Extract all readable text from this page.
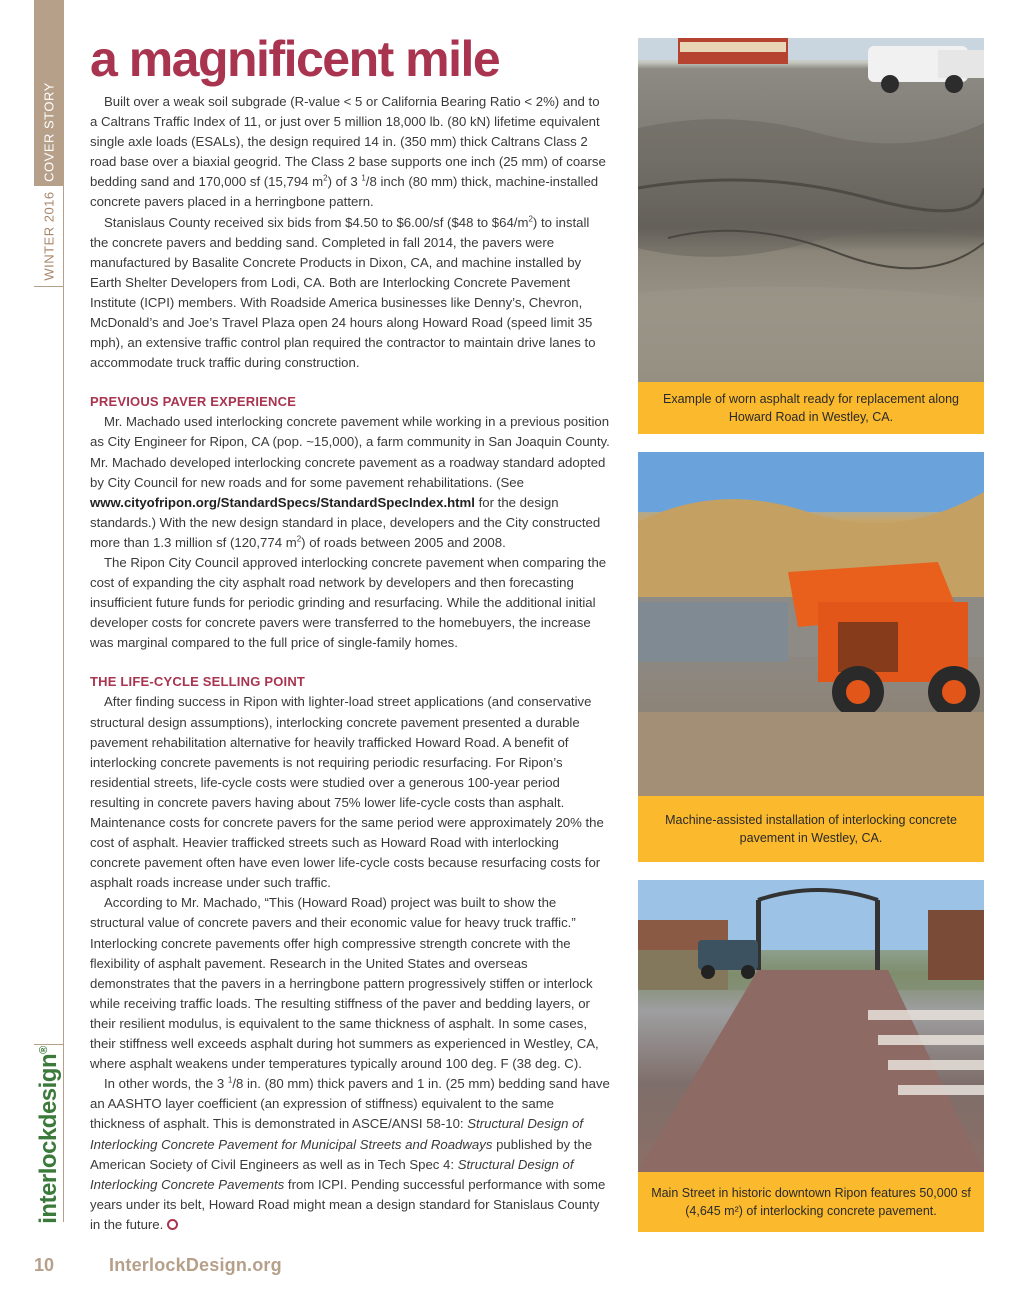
COVER STORY
WINTER 2016
interlockdesign®
a magnificent mile

Built over a weak soil subgrade (R-value < 5 or California Bearing Ratio < 2%) and to a Caltrans Traffic Index of 11, or just over 5 million 18,000 lb. (80 kN) lifetime equivalent single axle loads (ESALs), the design required 14 in. (350 mm) thick Caltrans Class 2 road base over a biaxial geogrid. The Class 2 base supports one inch (25 mm) of coarse bedding sand and 170,000 sf (15,794 $m^2$) of 3 $^1$/8 inch (80 mm) thick, machine-installed concrete pavers placed in a herringbone pattern.

Stanislaus County received six bids from $4.50 to $6.00/sf ($48 to $\$64/m^2$) to install the concrete pavers and bedding sand. Completed in fall 2014, the pavers were manufactured by Basalite Concrete Products in Dixon, CA, and machine installed by Earth Shelter Developers from Lodi, CA. Both are Interlocking Concrete Pavement Institute (ICPI) members. With Roadside America businesses like Denny’s, Chevron, McDonald’s and Joe’s Travel Plaza open 24 hours along Howard Road (speed limit 35 mph), an extensive traffic control plan required the contractor to maintain drive lanes to accommodate truck traffic during construction.

PREVIOUS PAVER EXPERIENCE

Mr. Machado used interlocking concrete pavement while working in a previous position as City Engineer for Ripon, CA (pop. ~15,000), a farm community in San Joaquin County. Mr. Machado developed interlocking concrete pavement as a roadway standard adopted by City Council for new roads and for some pavement rehabilitations. (See www.cityofripon.org/StandardSpecs/StandardSpecIndex.html for the design standards.) With the new design standard in place, developers and the City constructed more than 1.3 million sf (120,774 $m^2$) of roads between 2005 and 2008.

The Ripon City Council approved interlocking concrete pavement when comparing the cost of expanding the city asphalt road network by developers and then forecasting insufficient future funds for periodic grinding and resurfacing. While the additional initial developer costs for concrete pavers were transferred to the homebuyers, the increase was marginal compared to the full price of single-family homes.

THE LIFE-CYCLE SELLING POINT

After finding success in Ripon with lighter-load street applications (and conservative structural design assumptions), interlocking concrete pavement presented a durable pavement rehabilitation alternative for heavily trafficked Howard Road. A benefit of interlocking concrete pavements is not requiring periodic resurfacing. For Ripon’s residential streets, life-cycle costs were studied over a generous 100-year period resulting in concrete pavers having about 75% lower life-cycle costs than asphalt. Maintenance costs for concrete pavers for the same period were approximately 20% the cost of asphalt. Heavier trafficked streets such as Howard Road with interlocking concrete pavement often have even lower life-cycle costs because resurfacing costs for asphalt roads increase under such traffic.

According to Mr. Machado, “This (Howard Road) project was built to show the structural value of concrete pavers and their economic value for heavy truck traffic.” Interlocking concrete pavements offer high compressive strength concrete with the flexibility of asphalt pavement. Research in the United States and overseas demonstrates that the pavers in a herringbone pattern progressively stiffen or interlock while receiving traffic loads. The resulting stiffness of the paver and bedding layers, or their resilient modulus, is equivalent to the same thickness of asphalt. In some cases, their stiffness well exceeds asphalt during hot summers as experienced in Westley, CA, where asphalt weakens under temperatures typically around 100 deg. F (38 deg. C).

In other words, the 3 $^1$/8 in. (80 mm) thick pavers and 1 in. (25 mm) bedding sand have an AASHTO layer coefficient (an expression of stiffness) equivalent to the same thickness of asphalt. This is demonstrated in ASCE/ANSI 58-10: Structural Design of Interlocking Concrete Pavement for Municipal Streets and Roadways published by the American Society of Civil Engineers as well as in Tech Spec 4: Structural Design of Interlocking Concrete Pavements from ICPI. Pending successful performance with some years under its belt, Howard Road might mean a design standard for Stanislaus County in the future.

Example of worn asphalt ready for replacement along Howard Road in Westley, CA.
Machine-assisted installation of interlocking concrete pavement in Westley, CA.
Main Street in historic downtown Ripon features 50,000 sf (4,645 m²) of interlocking concrete pavement.
10	InterlockDesign.org
